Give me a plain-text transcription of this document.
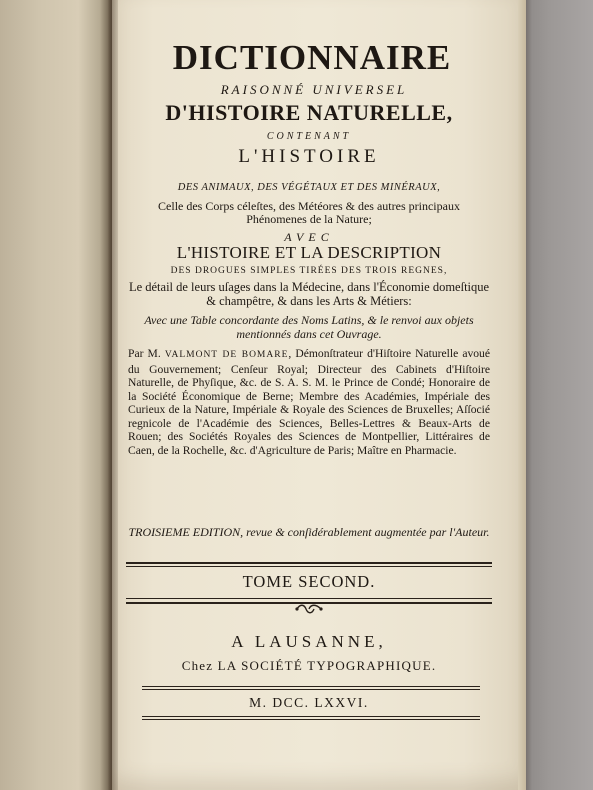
DICTIONNAIRE
RAISONNÉ UNIVERSEL
D'HISTOIRE NATURELLE,
CONTENANT
L'HISTOIRE
DES ANIMAUX, DES VÉGÉTAUX ET DES MINÉRAUX,
Celle des Corps céleſtes, des Météores & des autres principaux Phénomenes de la Nature;
AVEC
L'HISTOIRE ET LA DESCRIPTION
DES DROGUES SIMPLES TIRÉES DES TROIS REGNES,
Le détail de leurs uſages dans la Médecine, dans l'Économie domeſtique & champêtre, & dans les Arts & Métiers:
Avec une Table concordante des Noms Latins, & le renvoi aux objets mentionnés dans cet Ouvrage.
Par M. VALMONT DE BOMARE, Démonſtrateur d'Hiſtoire Naturelle avoué du Gouvernement; Cenſeur Royal; Directeur des Cabinets d'Hiſtoire Naturelle, de Phyſique, &c. de S. A. S. M. le Prince de Condé; Honoraire de la Société Économique de Berne; Membre des Académies, Impériale des Curieux de la Nature, Impériale & Royale des Sciences de Bruxelles; Aſſocié regnicole de l'Académie des Sciences, Belles-Lettres & Beaux-Arts de Rouen; des Sociétés Royales des Sciences de Montpellier, Littéraires de Caen, de la Rochelle, &c. d'Agriculture de Paris; Maître en Pharmacie.
TROISIEME EDITION, revue & conſidérablement augmentée par l'Auteur.
TOME SECOND.
A LAUSANNE,
Chez LA SOCIÉTÉ TYPOGRAPHIQUE.
M. DCC. LXXVI.
